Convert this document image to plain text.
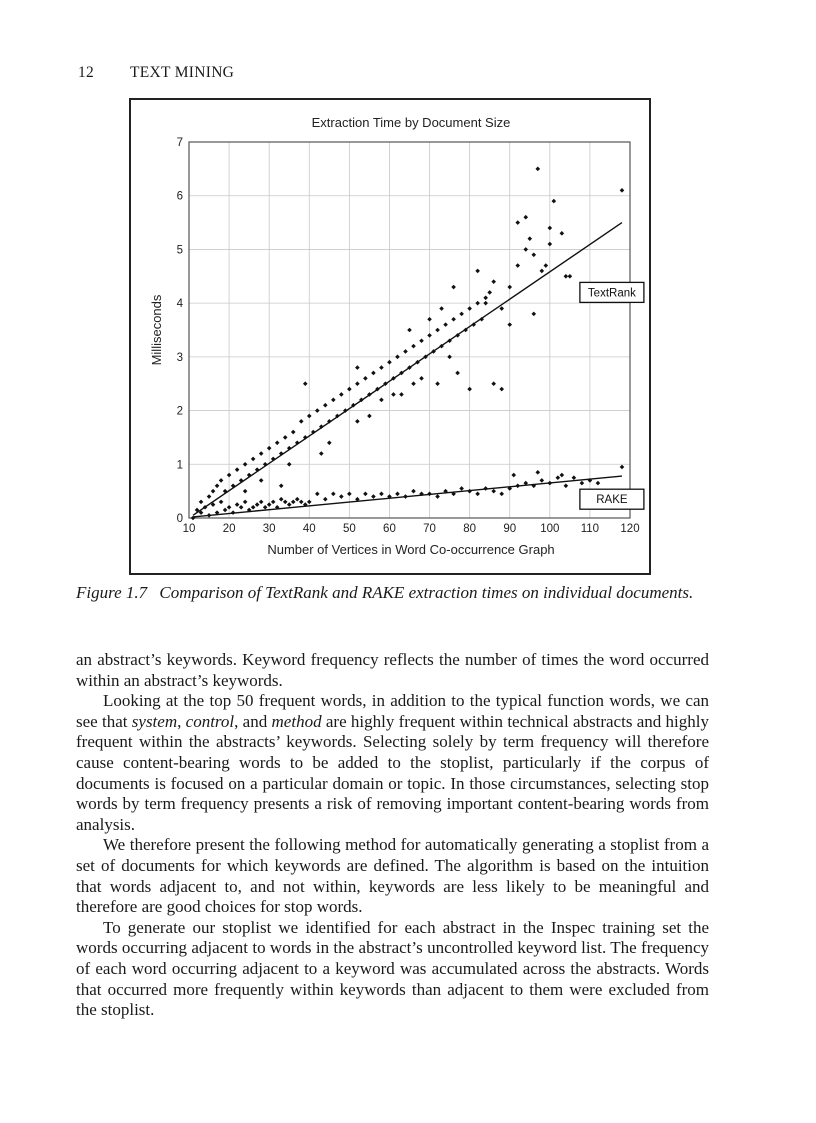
12 TEXT MINING
Extraction Time by Document Size
0
1
2
3
4
5
6
7
10 20 30 40 50 60 70 80 90 100 110 120
TextRank
RAKE
Milliseconds
Number of Vertices in Word Co-occurrence Graph
Figure 1.7 Comparison of TextRank and RAKE extraction times on individual documents.

an abstract’s keywords. Keyword frequency reflects the number of times the word occurred within an abstract’s keywords.

Looking at the top 50 frequent words, in addition to the typical function words, we can see that system, control, and method are highly frequent within technical abstracts and highly frequent within the abstracts’ keywords. Selecting solely by term frequency will therefore cause content-bearing words to be added to the stoplist, particularly if the corpus of documents is focused on a particular domain or topic. In those circumstances, selecting stop words by term frequency presents a risk of removing important content-bearing words from analysis.

We therefore present the following method for automatically generating a stoplist from a set of documents for which keywords are defined. The algorithm is based on the intuition that words adjacent to, and not within, keywords are less likely to be meaningful and therefore are good choices for stop words.

To generate our stoplist we identified for each abstract in the Inspec training set the words occurring adjacent to words in the abstract’s uncontrolled keyword list. The frequency of each word occurring adjacent to a keyword was accumulated across the abstracts. Words that occurred more frequently within keywords than adjacent to them were excluded from the stoplist.
